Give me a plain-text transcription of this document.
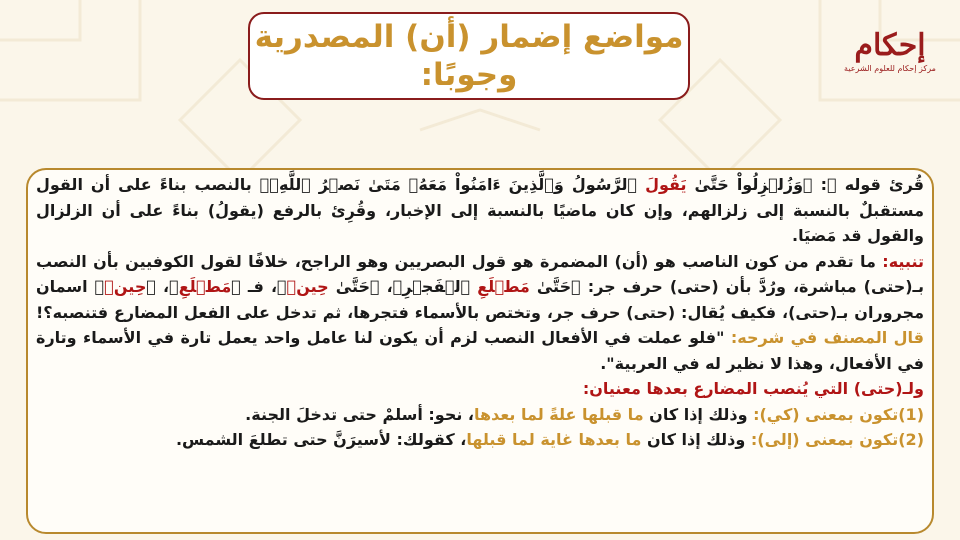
مواضع إضمار (أن) المصدرية
وجوبًا:
إحكام
مركز إحكام للعلوم الشرعية

قُرئ قوله ﷻ: ﴿وَزُلۡزِلُواْ حَتَّىٰ يَقُولَ ٱلرَّسُولُ وَٱلَّذِينَ ءَامَنُواْ مَعَهُۥ مَتَىٰ نَصۡرُ ٱللَّهِۗ﴾ بالنصب بناءً على أن القول مستقبلٌ بالنسبة إلى زلزالهم، وإن كان ماضيًا بالنسبة إلى الإخبار، وقُرِئ بالرفع (يقولُ) بناءً على أن الزلزال والقول قد مَضيَا.

تنبيه: ما تقدم من كون الناصب هو (أن) المضمرة هو قول البصريين وهو الراجح، خلافًا لقول الكوفيين بأن النصب بـ(حتى) مباشرة، ورُدَّ بأن (حتى) حرف جر: ﴿حَتَّىٰ مَطۡلَعِ ٱلۡفَجۡرِ﴾، ﴿حَتَّىٰ حِينٖ﴾، فـ ﴿مَطۡلَعِ﴾، ﴿حِينٖ﴾ اسمان مجروران بـ(حتى)، فكيف يُقال: (حتى) حرف جر، وتختص بالأسماء فتجرها، ثم تدخل على الفعل المضارع فتنصبه؟! قال المصنف في شرحه: "فلو عملت في الأفعال النصب لزم أن يكون لنا عامل واحد يعمل تارة في الأسماء وتارة في الأفعال، وهذا لا نظير له في العربية".

ولـ(حتى) التي يُنصب المضارع بعدها معنيان:

(1)تكون بمعنى (كي): وذلك إذا كان ما قبلها علةً لما بعدها، نحو: أسلمْ حتى تدخلَ الجنة.

(2)تكون بمعنى (إلى): وذلك إذا كان ما بعدها غاية لما قبلها، كقولك: لأسيرَنَّ حتى تطلعَ الشمس.
